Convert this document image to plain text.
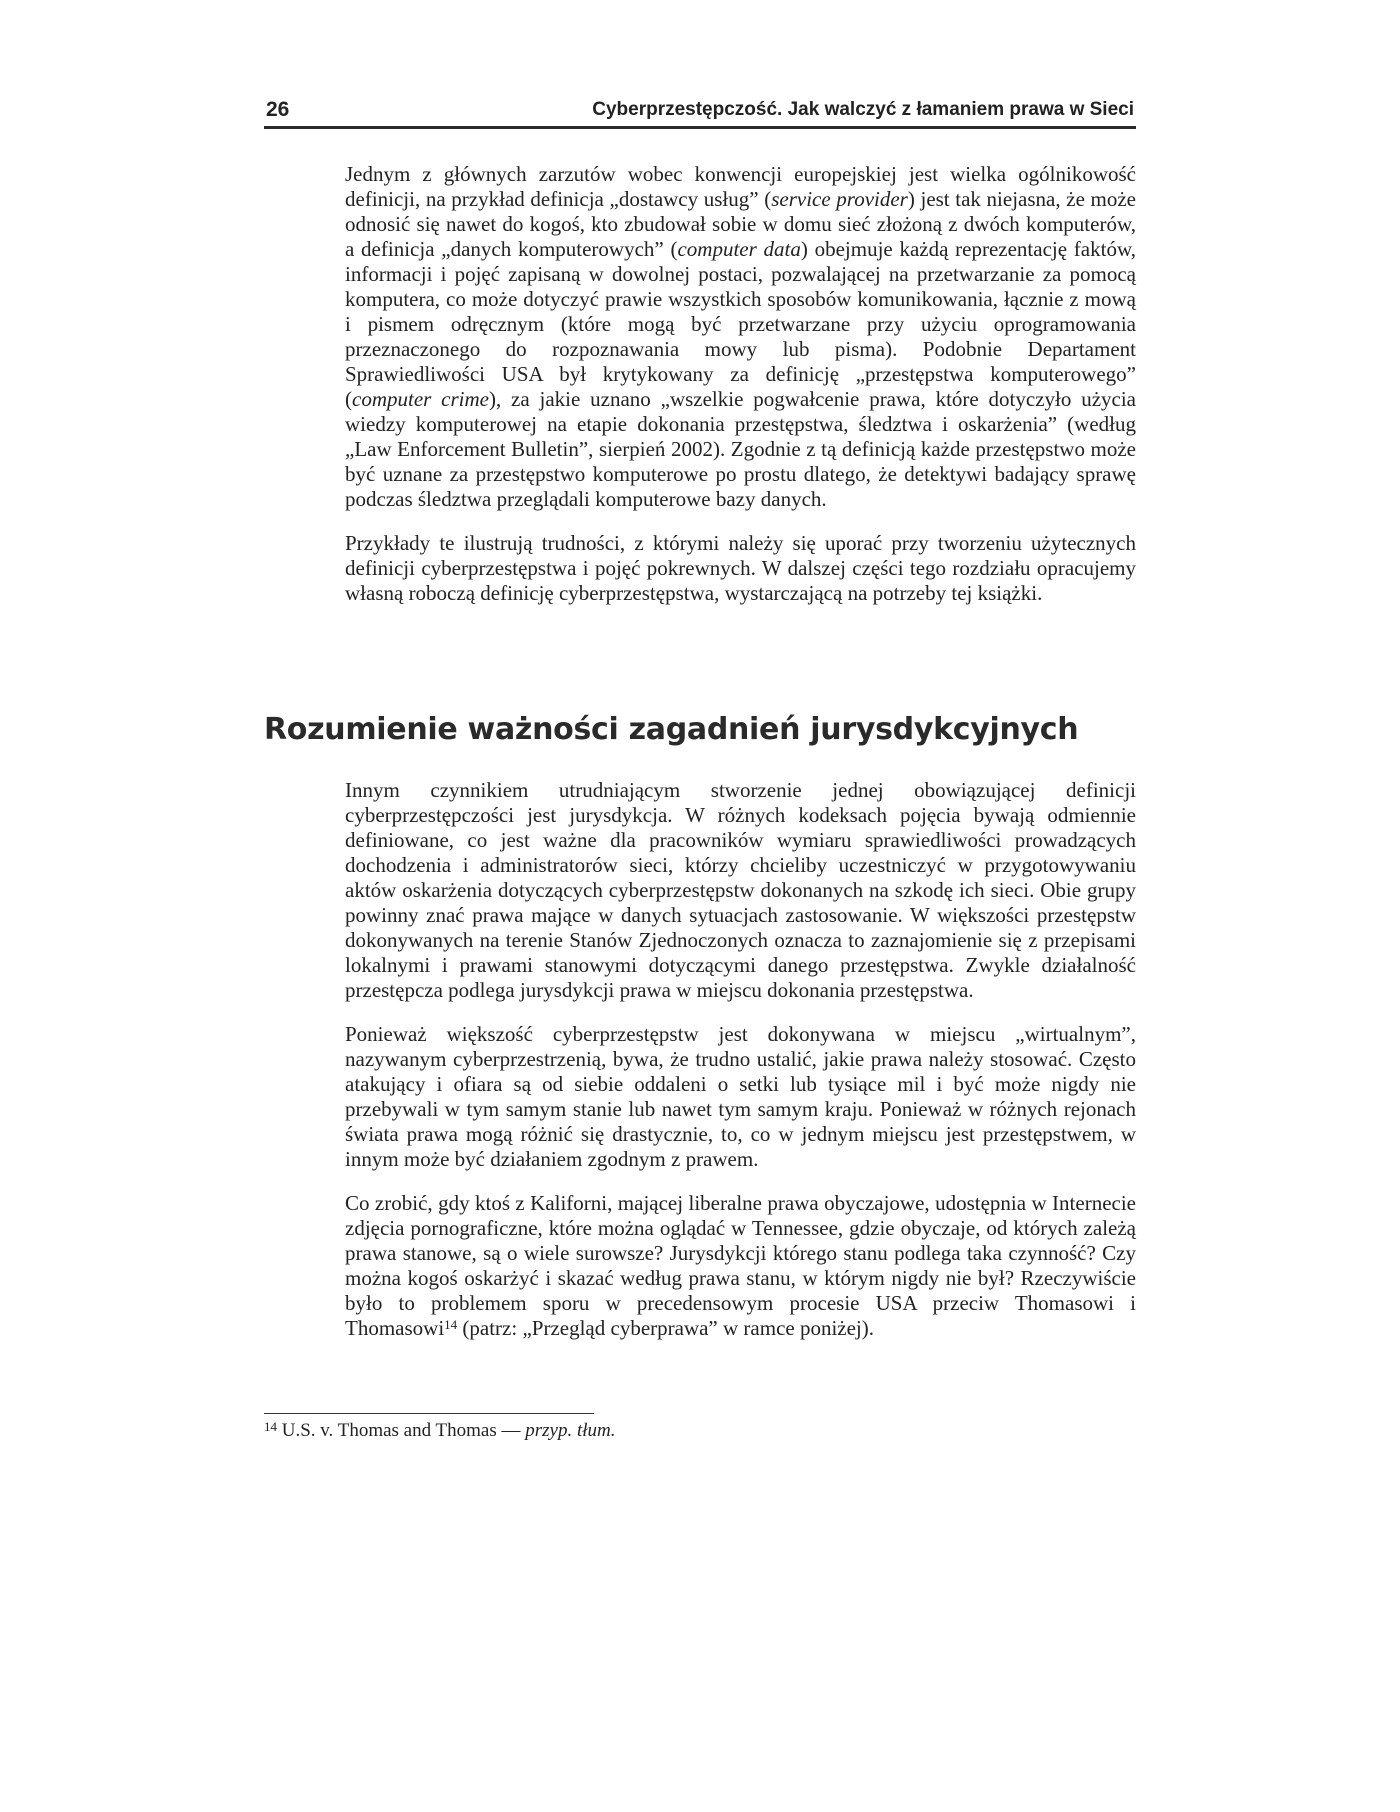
26	Cyberprzestępczość. Jak walczyć z łamaniem prawa w Sieci

Jednym z głównych zarzutów wobec konwencji europejskiej jest wielka ogólnikowość definicji, na przykład definicja „dostawcy usług” (service provider) jest tak niejasna, że może odnosić się nawet do kogoś, kto zbudował sobie w domu sieć złożoną z dwóch komputerów, a definicja „danych komputerowych” (computer data) obejmuje każdą reprezentację faktów, informacji i pojęć zapisaną w dowolnej postaci, pozwalającej na przetwarzanie za pomocą komputera, co może dotyczyć prawie wszystkich sposobów komunikowania, łącznie z mową i pismem odręcznym (które mogą być przetwarzane przy użyciu oprogramowania przeznaczonego do rozpoznawania mowy lub pisma). Podobnie Departament Sprawiedliwości USA był krytykowany za definicję „przestępstwa komputerowego” (computer crime), za jakie uznano „wszelkie pogwałcenie prawa, które dotyczyło użycia wiedzy komputerowej na etapie dokonania przestępstwa, śledztwa i oskarżenia” (według „Law Enforcement Bulletin”, sierpień 2002). Zgodnie z tą definicją każde przestępstwo może być uznane za przestępstwo komputerowe po prostu dlatego, że detektywi badający sprawę podczas śledztwa przeglądali komputerowe bazy danych.

Przykłady te ilustrują trudności, z którymi należy się uporać przy tworzeniu użytecznych definicji cyberprzestępstwa i pojęć pokrewnych. W dalszej części tego rozdziału opracujemy własną roboczą definicję cyberprzestępstwa, wystarczającą na potrzeby tej książki.

Rozumienie ważności zagadnień jurysdykcyjnych

Innym czynnikiem utrudniającym stworzenie jednej obowiązującej definicji cyberprzestępczości jest jurysdykcja. W różnych kodeksach pojęcia bywają odmiennie definiowane, co jest ważne dla pracowników wymiaru sprawiedliwości prowadzących dochodzenia i administratorów sieci, którzy chcieliby uczestniczyć w przygotowywaniu aktów oskarżenia dotyczących cyberprzestępstw dokonanych na szkodę ich sieci. Obie grupy powinny znać prawa mające w danych sytuacjach zastosowanie. W większości przestępstw dokonywanych na terenie Stanów Zjednoczonych oznacza to zaznajomienie się z przepisami lokalnymi i prawami stanowymi dotyczącymi danego przestępstwa. Zwykle działalność przestępcza podlega jurysdykcji prawa w miejscu dokonania przestępstwa.

Ponieważ większość cyberprzestępstw jest dokonywana w miejscu „wirtualnym”, nazywanym cyberprzestrzenią, bywa, że trudno ustalić, jakie prawa należy stosować. Często atakujący i ofiara są od siebie oddaleni o setki lub tysiące mil i być może nigdy nie przebywali w tym samym stanie lub nawet tym samym kraju. Ponieważ w różnych rejonach świata prawa mogą różnić się drastycznie, to, co w jednym miejscu jest przestępstwem, w innym może być działaniem zgodnym z prawem.

Co zrobić, gdy ktoś z Kaliforni, mającej liberalne prawa obyczajowe, udostępnia w Internecie zdjęcia pornograficzne, które można oglądać w Tennessee, gdzie obyczaje, od których zależą prawa stanowe, są o wiele surowsze? Jurysdykcji którego stanu podlega taka czynność? Czy można kogoś oskarżyć i skazać według prawa stanu, w którym nigdy nie był? Rzeczywiście było to problemem sporu w precedensowym procesie USA przeciw Thomasowi i Thomasowi$^{14}$ (patrz: „Przegląd cyberprawa” w ramce poniżej).

$^{14}$ U.S. v. Thomas and Thomas — przyp. tłum.
